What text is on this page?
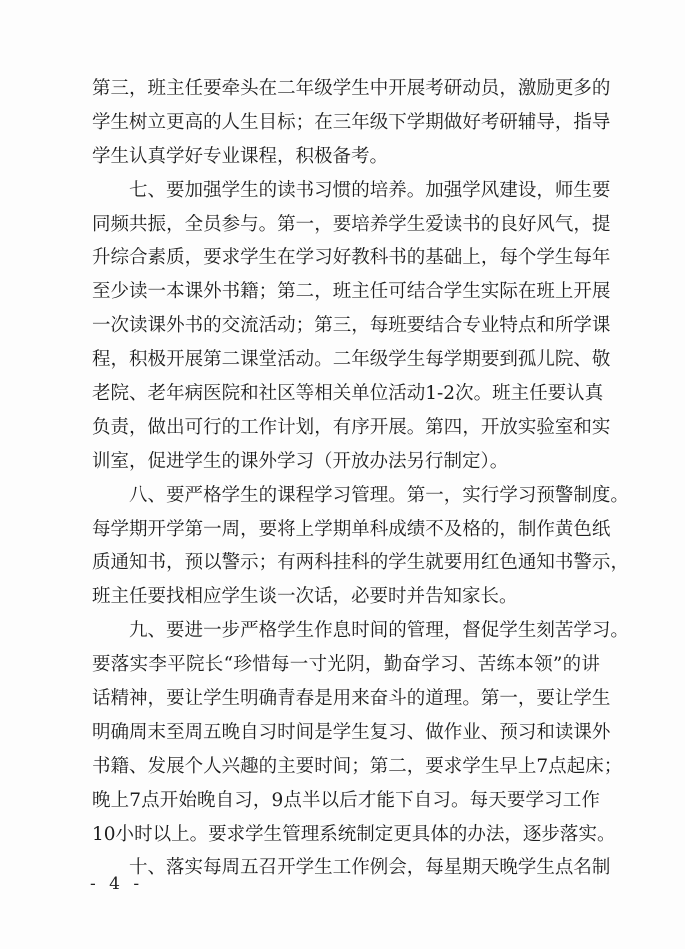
第 三 ， 班 主 任 要 牵 头 在 二 年 级 学 生 中 开 展 考 研 动 员 ， 激 励 更 多 的
学 生 树 立 更 高 的 人 生 目 标 ； 在 三 年 级 下 学 期 做 好 考 研 辅 导 ， 指 导
学生认真学好专业课程，积极备考。
七 、 要 加 强 学 生 的 读 书 习 惯 的 培 养 。 加 强 学 风 建 设 ， 师 生 要
同 频 共 振 ， 全 员 参 与 。 第 一 ， 要 培 养 学 生 爱 读 书 的 良 好 风 气 ， 提
升 综 合 素 质 ， 要 求 学 生 在 学 习 好 教 科 书 的 基 础 上 ， 每 个 学 生 每 年
至 少 读 一 本 课 外 书 籍 ； 第 二 ， 班 主 任 可 结 合 学 生 实 际 在 班 上 开 展
一 次 读 课 外 书 的 交 流 活 动 ； 第 三 ， 每 班 要 结 合 专 业 特 点 和 所 学 课
程 ， 积 极 开 展 第 二 课 堂 活 动 。 二 年 级 学 生 每 学 期 要 到 孤 儿 院 、 敬
老 院 、 老 年 病 医 院 和 社 区 等 相 关 单 位 活 动 1-2 次 。 班 主 任 要 认 真
负 责 ， 做 出 可 行 的 工 作 计 划 ， 有 序 开 展 。 第 四 ， 开 放 实 验 室 和 实
训室，促进学生的课外学习（开放办法另行制定）。
八 、 要 严 格 学 生 的 课 程 学 习 管 理 。 第 一 ， 实 行 学 习 预 警 制 度 。
每 学 期 开 学 第 一 周 ， 要 将 上 学 期 单 科 成 绩 不 及 格 的 ， 制 作 黄 色 纸
质 通 知 书 ， 预 以 警 示 ； 有 两 科 挂 科 的 学 生 就 要 用 红 色 通 知 书 警 示 ，
班主任要找相应学生谈一次话，必要时并告知家长。
九 、 要 进 一 步 严 格 学 生 作 息 时 间 的 管 理 ， 督 促 学 生 刻 苦 学 习 。
要 落 实 李 平 院 长 “ 珍 惜 每 一 寸 光 阴 ， 勤 奋 学 习 、 苦 练 本 领 ” 的 讲
话 精 神 ， 要 让 学 生 明 确 青 春 是 用 来 奋 斗 的 道 理 。 第 一 ， 要 让 学 生
明 确 周 末 至 周 五 晚 自 习 时 间 是 学 生 复 习 、 做 作 业 、 预 习 和 读 课 外
书 籍 、 发 展 个 人 兴 趣 的 主 要 时 间 ； 第 二 ， 要 求 学 生 早 上 7 点 起 床 ；
晚 上 7 点 开 始 晚 自 习 ， 9 点 半 以 后 才 能 下 自 习 。 每 天 要 学 习 工 作
10 小 时 以 上 。 要 求 学 生 管 理 系 统 制 定 更 具 体 的 办 法 ， 逐 步 落 实 。
十 、 落 实 每 周 五 召 开 学 生 工 作 例 会 ， 每 星 期 天 晚 学 生 点 名 制
- 4 -
